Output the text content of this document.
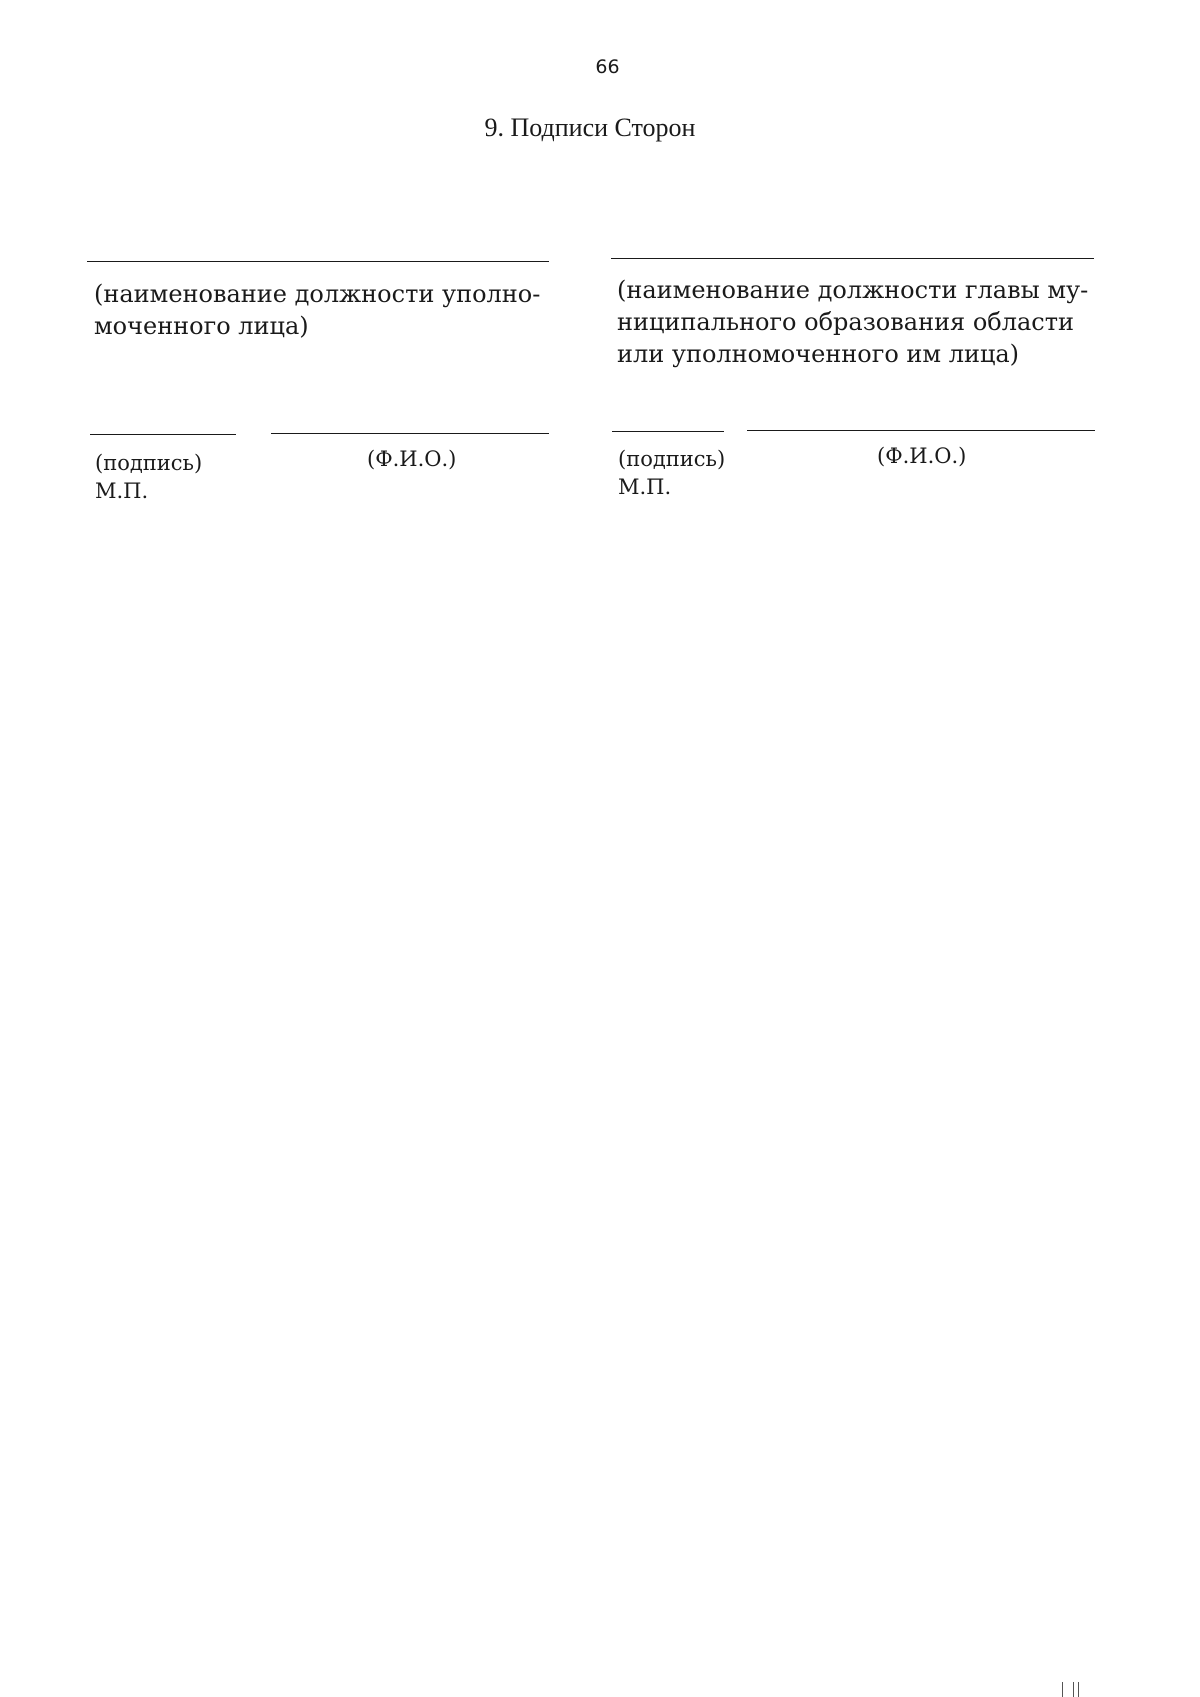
66
9. Подписи Сторон
(наименование должности уполно-
моченного лица)
(подпись)	(Ф.И.О.)
М.П.
(наименование должности главы му-
ниципального образования области
или уполномоченного им лица)
(подпись)	(Ф.И.О.)
М.П.
